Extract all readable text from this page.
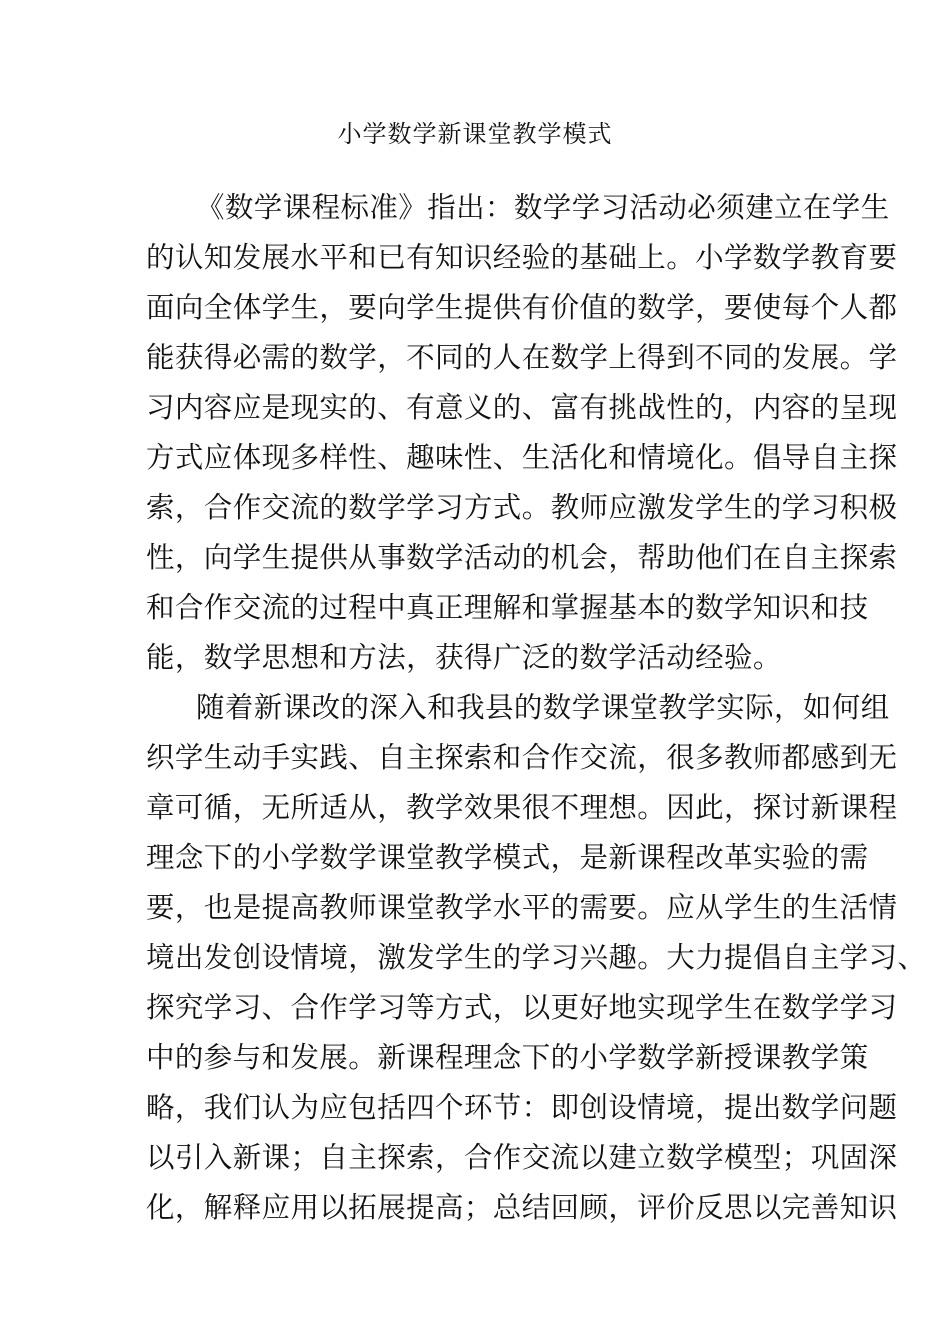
小学数学新课堂教学模式
《数学课程标准》指出：数学学习活动必须建立在学生
的认知发展水平和已有知识经验的基础上。小学数学教育要
面向全体学生，要向学生提供有价值的数学，要使每个人都
能获得必需的数学，不同的人在数学上得到不同的发展。学
习内容应是现实的、有意义的、富有挑战性的，内容的呈现
方式应体现多样性、趣味性、生活化和情境化。倡导自主探
索，合作交流的数学学习方式。教师应激发学生的学习积极
性，向学生提供从事数学活动的机会，帮助他们在自主探索
和合作交流的过程中真正理解和掌握基本的数学知识和技
能，数学思想和方法，获得广泛的数学活动经验。
随着新课改的深入和我县的数学课堂教学实际，如何组
织学生动手实践、自主探索和合作交流，很多教师都感到无
章可循，无所适从，教学效果很不理想。因此，探讨新课程
理念下的小学数学课堂教学模式，是新课程改革实验的需
要，也是提高教师课堂教学水平的需要。应从学生的生活情
境出发创设情境，激发学生的学习兴趣。大力提倡自主学习、
探究学习、合作学习等方式，以更好地实现学生在数学学习
中的参与和发展。新课程理念下的小学数学新授课教学策
略，我们认为应包括四个环节：即创设情境，提出数学问题
以引入新课；自主探索，合作交流以建立数学模型；巩固深
化，解释应用以拓展提高；总结回顾，评价反思以完善知识
